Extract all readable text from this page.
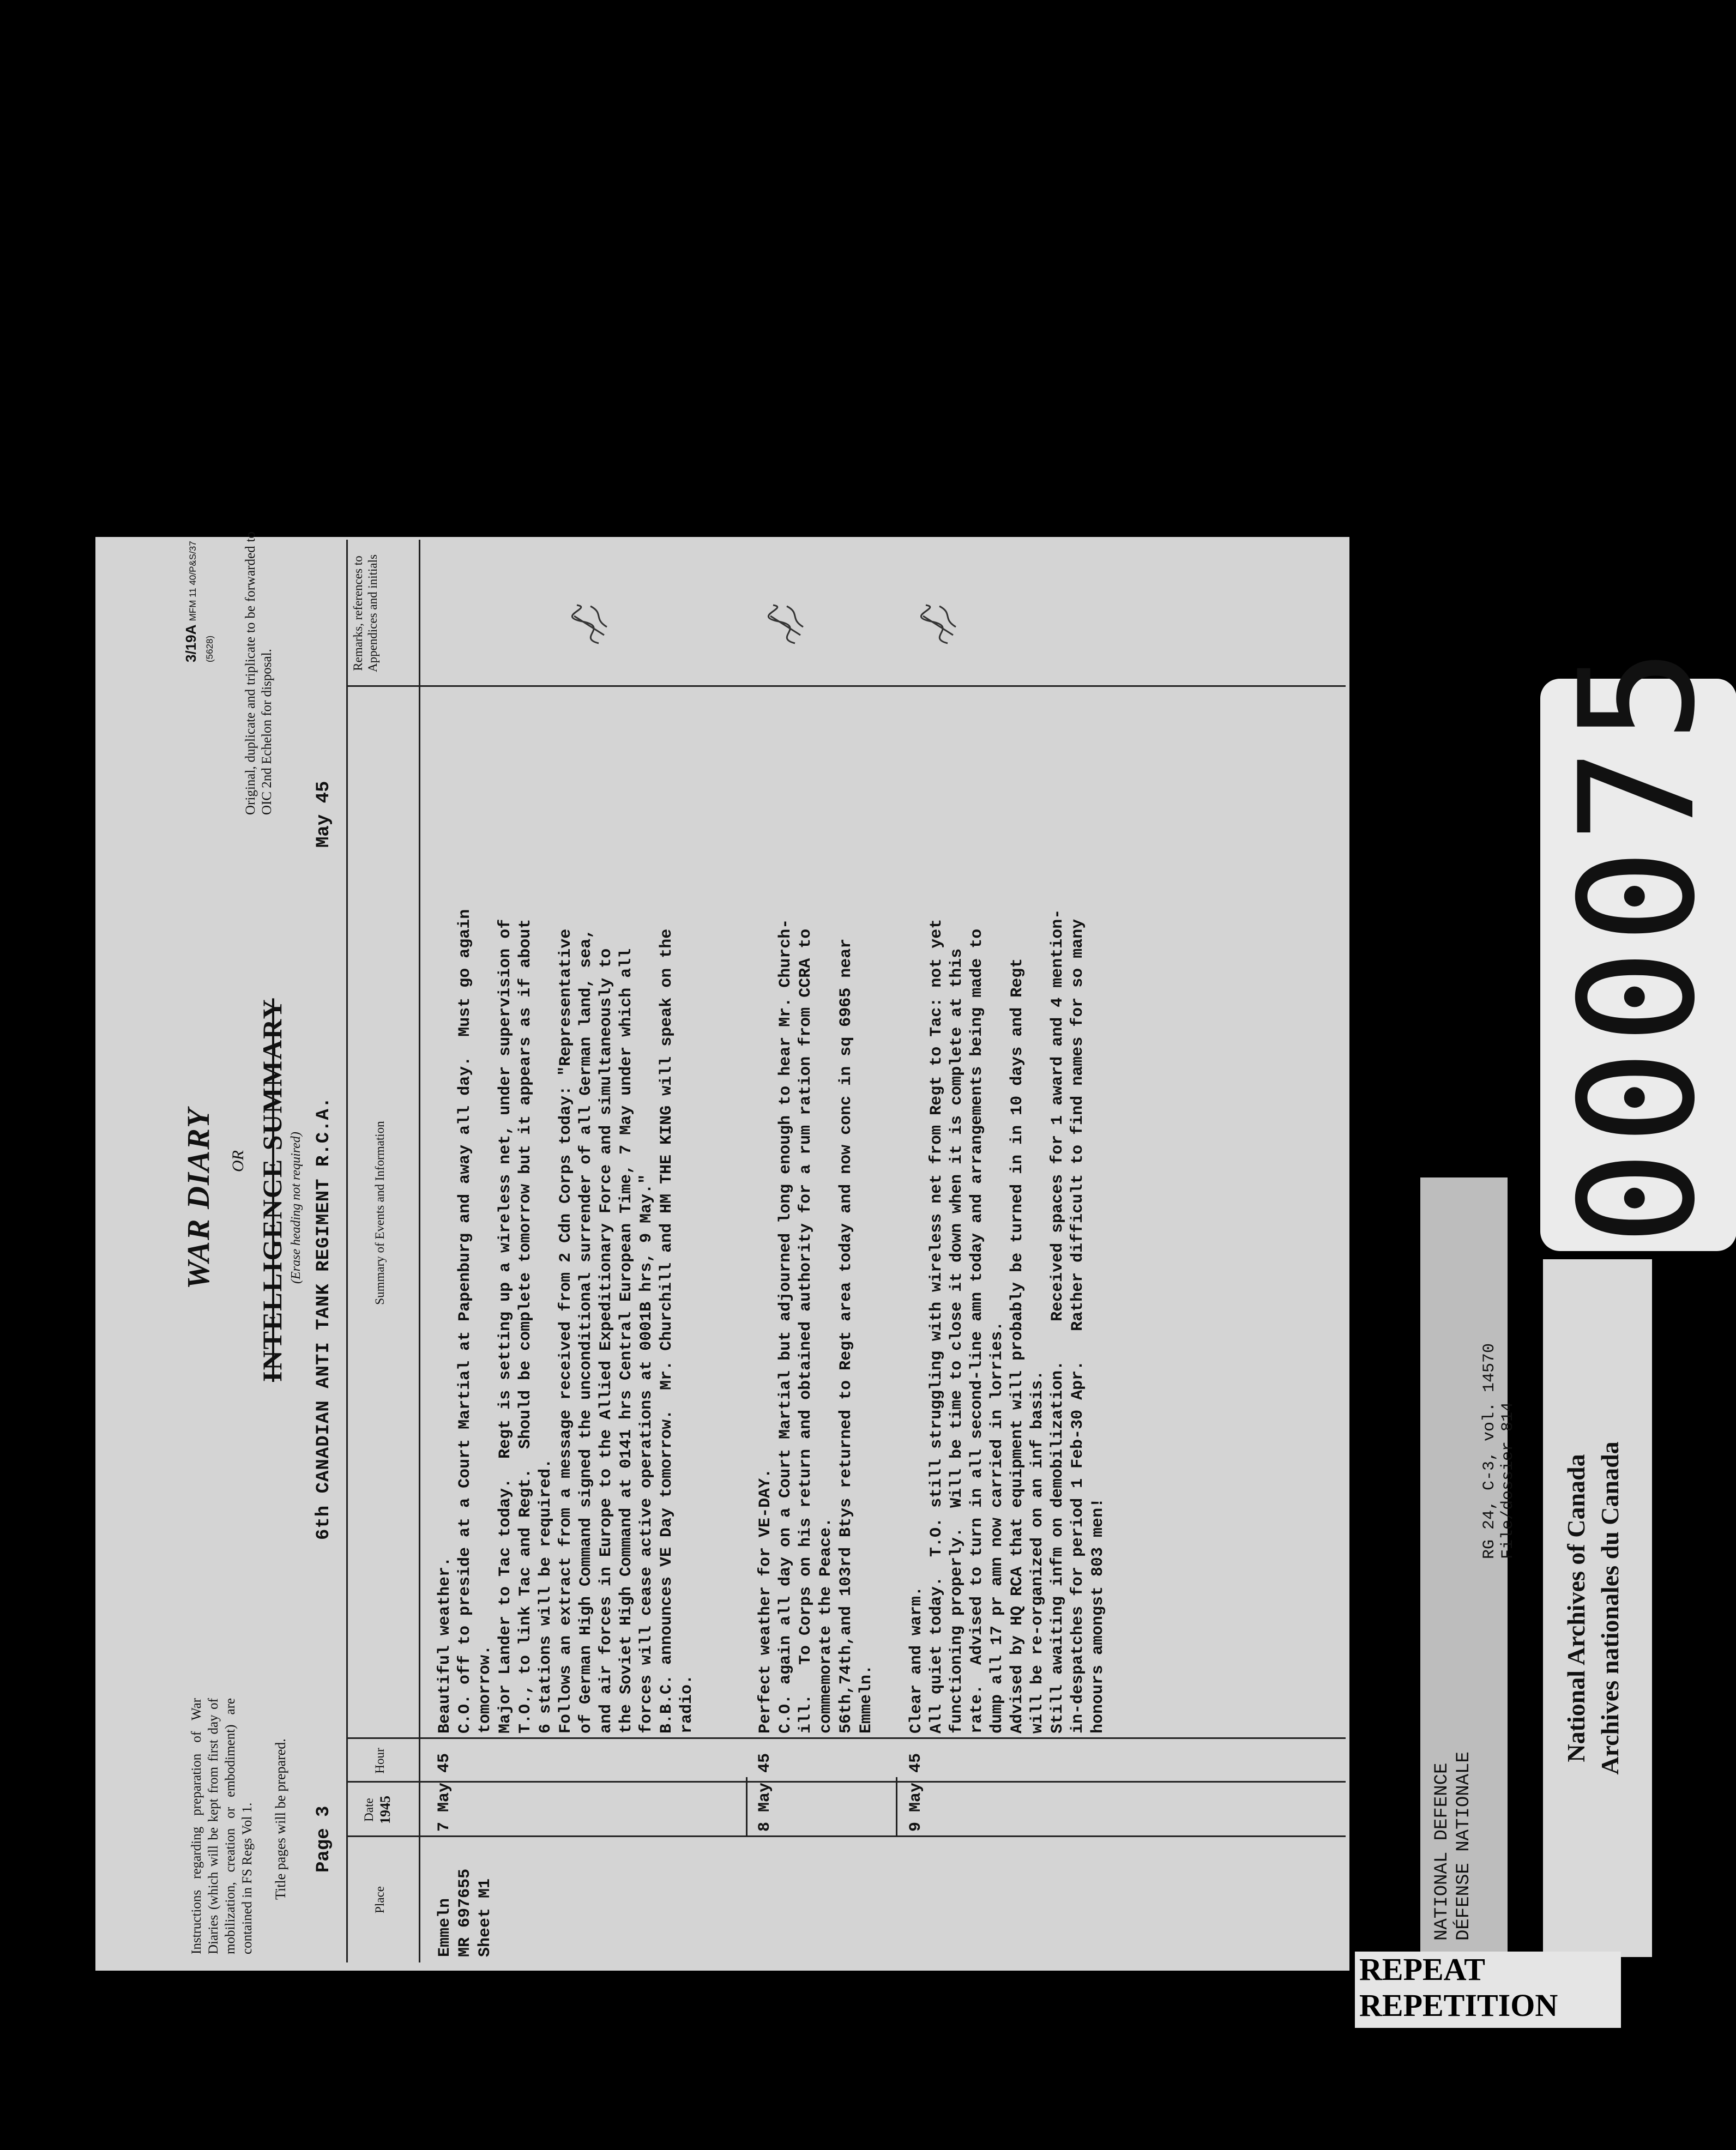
Instructions regarding preparation of War Diaries (which will be kept from first day of mobilization, creation or embodiment) are contained in FS Regs Vol 1. Title pages will be prepared.
3/19A MFM 11 40/P&S/37 (5628)
WAR DIARY OR INTELLIGENCE SUMMARY (Erase heading not required)
Original, duplicate and triplicate to be forwarded to OIC 2nd Echelon for disposal.
Page 3
6th CANADIAN ANTI TANK REGIMENT R.C.A.
May 45
Place
Date 1945
Hour
Summary of Events and Information
Remarks, references to Appendices and initials
Emmeln
MR 697655
Sheet M1
7 May 45
Beautiful weather.
C.O. off to preside at a Court Martial at Papenburg and away all day.  Must go again
tomorrow.
Major Lander to Tac today.  Regt is setting up a wireless net, under supervision of
T.O., to link Tac and Regt.  Should be complete tomorrow but it appears as if about
6 stations will be required.
Follows an extract from a message received from 2 Cdn Corps today: "Representative
of German High Command signed the unconditional surrender of all German land, sea,
and air forces in Europe to the Allied Expeditionary Force and simultaneously to
the Soviet High Command at 0141 hrs Central European Time, 7 May under which all
forces will cease active operations at 0001B hrs, 9 May."
B.B.C. announces VE Day tomorrow.  Mr. Churchill and HM THE KING will speak on the
radio.
8 May 45
Perfect weather for VE-DAY.
C.O. again all day on a Court Martial but adjourned long enough to hear Mr. Church-
ill.   To Corps on his return and obtained authority for a rum ration from CCRA to
commemorate the Peace.
56th,74th,and 103rd Btys returned to Regt area today and now conc in sq 6965 near
Emmeln.
9 May 45
Clear and warm.
All quiet today.  T.O. still struggling with wireless net from Regt to Tac: not yet
functioning properly.  Will be time to close it down when it is complete at this
rate.  Advised to turn in all second-line amn today and arrangements being made to
dump all 17 pr amn now carried in lorries.
Advised by HQ RCA that equipment will probably be turned in in 10 days and Regt
will be re-organized on an inf basis.
Still awaiting infm on demobilization.    Received spaces for 1 award and 4 mention-
in-despatches for period 1 Feb-30 Apr.   Rather difficult to find names for so many
honours amongst 803 men!
NATIONAL DEFENCE DÉFENSE NATIONALE
RG 24, C-3, vol. 14570 File/dossier 814 National Archives of Canada Archives nationales du Canada
000075
REPEAT
REPETITION
